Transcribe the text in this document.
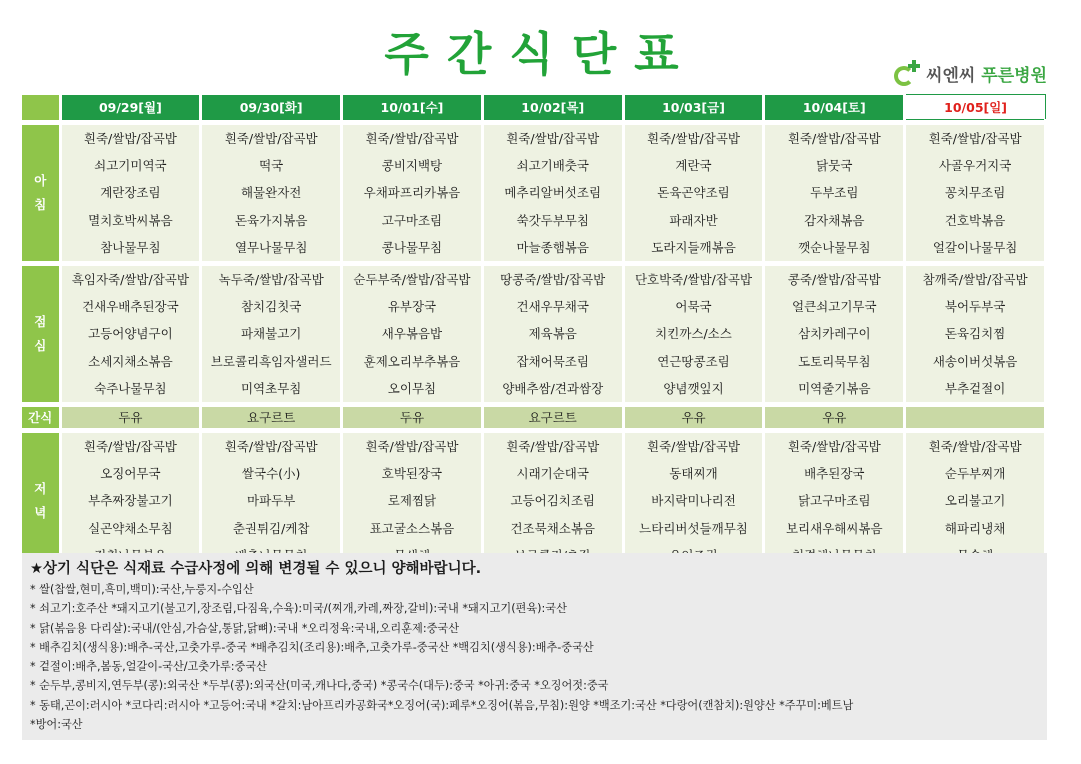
주간식단표	씨엔씨 푸른병원
	09/29[월]	09/30[화]	10/01[수]	10/02[목]	10/03[금]	10/04[토]	10/05[일]

아
침	흰죽/쌀밥/잡곡밥	흰죽/쌀밥/잡곡밥	흰죽/쌀밥/잡곡밥	흰죽/쌀밥/잡곡밥	흰죽/쌀밥/잡곡밥	흰죽/쌀밥/잡곡밥	흰죽/쌀밥/잡곡밥
	쇠고기미역국	떡국	콩비지백탕	쇠고기배춧국	계란국	닭뭇국	사골우거지국
	계란장조림	해물완자전	우채파프리카볶음	메추리알버섯조림	돈육곤약조림	두부조림	꽁치무조림
	멸치호박씨볶음	돈육가지볶음	고구마조림	쑥갓두부무침	파래자반	감자채볶음	건호박볶음
	참나물무침	열무나물무침	콩나물무침	마늘종햄볶음	도라지들깨볶음	깻순나물무침	얼갈이나물무침

점
심	흑임자죽/쌀밥/잡곡밥	녹두죽/쌀밥/잡곡밥	순두부죽/쌀밥/잡곡밥	땅콩죽/쌀밥/잡곡밥	단호박죽/쌀밥/잡곡밥	콩죽/쌀밥/잡곡밥	참깨죽/쌀밥/잡곡밥
	건새우배추된장국	참치김칫국	유부장국	건새우무채국	어묵국	얼큰쇠고기무국	북어두부국
	고등어양념구이	파채불고기	새우볶음밥	제육볶음	치킨까스/소스	삼치카레구이	돈육김치찜
	소세지채소볶음	브로콜리흑임자샐러드	훈제오리부추볶음	잡채어묵조림	연근땅콩조림	도토리묵무침	새송이버섯볶음
	숙주나물무침	미역초무침	오이무침	양배추쌈/견과쌈장	양념깻잎지	미역줄기볶음	부추겉절이

간식	두유	요구르트	두유	요구르트	우유	우유	

저
녁	흰죽/쌀밥/잡곡밥	흰죽/쌀밥/잡곡밥	흰죽/쌀밥/잡곡밥	흰죽/쌀밥/잡곡밥	흰죽/쌀밥/잡곡밥	흰죽/쌀밥/잡곡밥	흰죽/쌀밥/잡곡밥
	오징어무국	쌀국수(小)	호박된장국	시래기순대국	동태찌개	배추된장국	순두부찌개
	부추짜장불고기	마파두부	로제찜닭	고등어김치조림	바지락미나리전	닭고구마조림	오리불고기
	실곤약채소무침	춘권튀김/케찹	표고굴소스볶음	건조묵채소볶음	느타리버섯들깨무침	보리새우해씨볶음	해파리냉채

★상기 식단은 식재료 수급사정에 의해 변경될 수 있으니 양해바랍니다.
* 쌀(찹쌀,현미,흑미,백미):국산,누룽지-수입산
* 쇠고기:호주산 *돼지고기(불고기,장조림,다짐육,수육):미국/(찌개,카레,짜장,갈비):국내 *돼지고기(편육):국산
* 닭(볶음용 다리살):국내/(안심,가슴살,통닭,닭뼈):국내 *오리정육:국내,오리훈제:중국산
* 배추김치(생식용):배추-국산,고춧가루-중국 *배추김치(조리용):배추,고춧가루-중국산 *백김치(생식용):배추-중국산
* 겉절이:배추,봄동,얼갈이-국산/고춧가루:중국산
* 순두부,콩비지,연두부(콩):외국산 *두부(콩):외국산(미국,캐나다,중국) *콩국수(대두):중국 *아귀:중국 *오징어젓:중국
* 동태,곤이:러시아 *코다리:러시아 *고등어:국내 *갈치:남아프리카공화국*오징어(국):페루*오징어(볶음,무침):원양 *백조기:국산 *다랑어(캔참치):원양산 *주꾸미:베트남
*방어:국산
